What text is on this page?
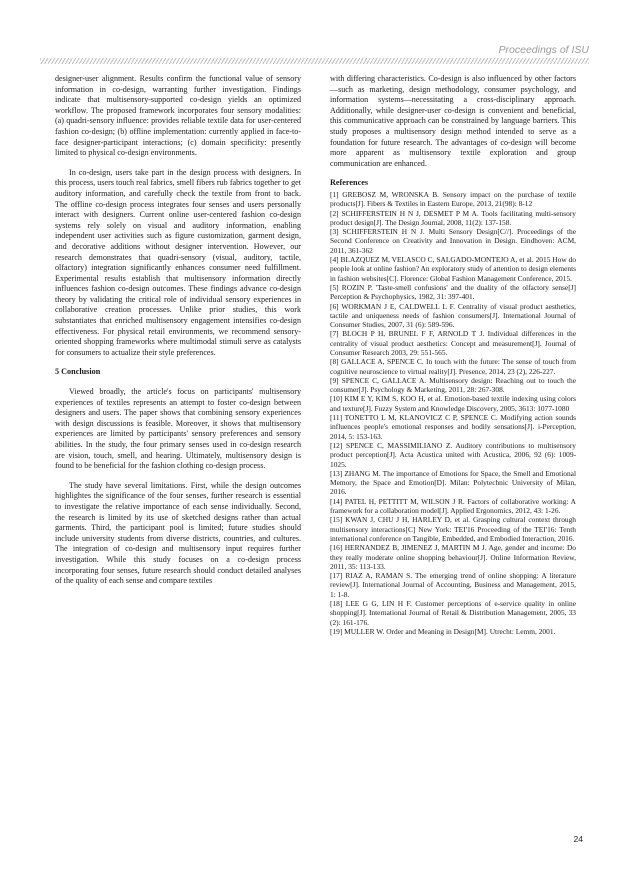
Proceedings of ISU

designer-user alignment. Results confirm the functional value of sensory information in co-design, warranting further investigation. Findings indicate that multisensory-supported co-design yields an optimized workflow. The proposed framework incorporates four sensory modalities: (a) quadri-sensory influence: provides reliable textile data for user-centered fashion co-design; (b) offline implementation: currently applied in face-to-face designer-participant interactions; (c) domain specificity: presently limited to physical co-design environments.

In co-design, users take part in the design process with designers. In this process, users touch real fabrics, smell fibers rub fabrics together to get auditory information, and carefully check the textile from front to back. The offline co-design process integrates four senses and users personally interact with designers. Current online user-centered fashion co-design systems rely solely on visual and auditory information, enabling independent user activities such as figure customization, garment design, and decorative additions without designer intervention. However, our research demonstrates that quadri-sensory (visual, auditory, tactile, olfactory) integration significantly enhances consumer need fulfillment. Experimental results establish that multisensory information directly influences fashion co-design outcomes. These findings advance co-design theory by validating the critical role of individual sensory experiences in collaborative creation processes. Unlike prior studies, this work substantiates that enriched multisensory engagement intensifies co-design effectiveness. For physical retail environments, we recommend sensory-oriented shopping frameworks where multimodal stimuli serve as catalysts for consumers to actualize their style preferences.

5 Conclusion

Viewed broadly, the article's focus on participants' multisensory experiences of textiles represents an attempt to foster co-design between designers and users. The paper shows that combining sensory experiences with design discussions is feasible. Moreover, it shows that multisensory experiences are limited by participants' sensory preferences and sensory abilities. In the study, the four primary senses used in co-design research are vision, touch, smell, and hearing. Ultimately, multisensory design is found to be beneficial for the fashion clothing co-design process.

The study have several limitations. First, while the design outcomes highlightes the significance of the four senses, further research is essential to investigate the relative importance of each sense individually. Second, the research is limited by its use of sketched designs rather than actual garments. Third, the participant pool is limited; future studies should include university students from diverse districts, countries, and cultures. The integration of co-design and multisensory input requires further investigation. While this study focuses on a co-design process incorporating four senses, future research should conduct detailed analyses of the quality of each sense and compare textiles

with differing characteristics. Co-design is also influenced by other factors—such as marketing, design methodology, consumer psychology, and information systems—necessitating a cross-disciplinary approach. Additionally, while designer-user co-design is convenient and beneficial, this communicative approach can be constrained by language barriers. This study proposes a multisensory design method intended to serve as a foundation for future research. The advantages of co-design will become more apparent as multisensory textile exploration and group communication are enhanced.

References

[1] GREBOSZ M, WRONSKA B. Sensory impact on the purchase of textile products[J]. Fibers & Textiles in Eastern Europe, 2013, 21(98): 8-12

[2] SCHIFFERSTEIN H N J, DESMET P M A. Tools facilitating multi-sensory product design[J]. The Design Journal, 2008, 11(2): 137-158.

[3] SCHIFFERSTEIN H N J. Multi Sensory Design[C//]. Proceedings of the Second Conference on Creativity and Innovation in Design. Eindhoven: ACM, 2011, 361-362

[4] BLAZQUEZ M, VELASCO C, SALGADO-MONTEJO A, et al. 2015 How do people look at online fashion? An exploratory study of attention to design elements in fashion websites[C]. Florence: Global Fashion Management Conference, 2015.

[5] ROZIN P. 'Taste-smell confusions' and the duality of the olfactory sense[J] Perception & Psychophysics, 1982, 31: 397-401.

[6] WORKMAN J E, CALDWELL L F. Centrality of visual product aesthetics, tactile and uniqueness needs of fashion consumers[J]. International Journal of Consumer Studies, 2007, 31 (6): 589-596.

[7] BLOCH P H, BRUNEL F F, ARNOLD T J. Individual differences in the centrality of visual product aesthetics: Concept and measurement[J]. Journal of Consumer Research 2003, 29: 551-565.

[8] GALLACE A, SPENCE C. In touch with the future: The sense of touch from cognitive neuroscience to virtual reality[J]. Presence, 2014, 23 (2), 226-227.

[9] SPENCE C, GALLACE A. Multisensory design: Reaching out to touch the consumer[J]. Psychology & Marketing, 2011, 28: 267-308.

[10] KIM E Y, KIM S, KOO H, et al. Emotion-based textile indexing using colors and texture[J]. Fuzzy System and Knowledge Discovery, 2005, 3613: 1077-1080

[11] TONETTO L M, KLANOVICZ C P, SPENCE C. Modifying action sounds influences people's emotional responses and bodily sensations[J]. i-Perception, 2014, 5: 153-163.

[12] SPENCE C, MASSIMILIANO Z. Auditory contributions to multisensory product perception[J]. Acta Acustica united with Acustica, 2006, 92 (6): 1009-1025.

[13] ZHANG M. The importance of Emotions for Space, the Smell and Emotional Memory, the Space and Emotion[D]. Milan: Polytechnic University of Milan, 2016.

[14] PATEL H, PETTITT M, WILSON J R. Factors of collaborative working: A framework for a collaboration model[J]. Applied Ergonomics, 2012, 43: 1-26.

[15] KWAN J, CHU J H, HARLEY D, et al. Grasping cultural context through multisensory interactions[C] New York: TEI'16 Proceeding of the TEI'16: Tenth international conference on Tangible, Embedded, and Embodied Interaction, 2016.

[16] HERNANDEZ B, JIMENEZ J, MARTIN M J. Age, gender and income: Do they really moderate online shopping behaviour[J]. Online Information Review, 2011, 35: 113-133.

[17] RIAZ A, RAMAN S. The emerging trend of online shopping: A literature review[J]. International Journal of Accounting, Business and Management, 2015, 1: 1-8.

[18] LEE G G, LIN H F. Customer perceptions of e-service quality in online shopping[J]. International Journal of Retail & Distribution Management, 2005, 33 (2): 161-176.

[19] MULLER W. Order and Meaning in Design[M]. Utrecht: Lemm, 2001.

24
